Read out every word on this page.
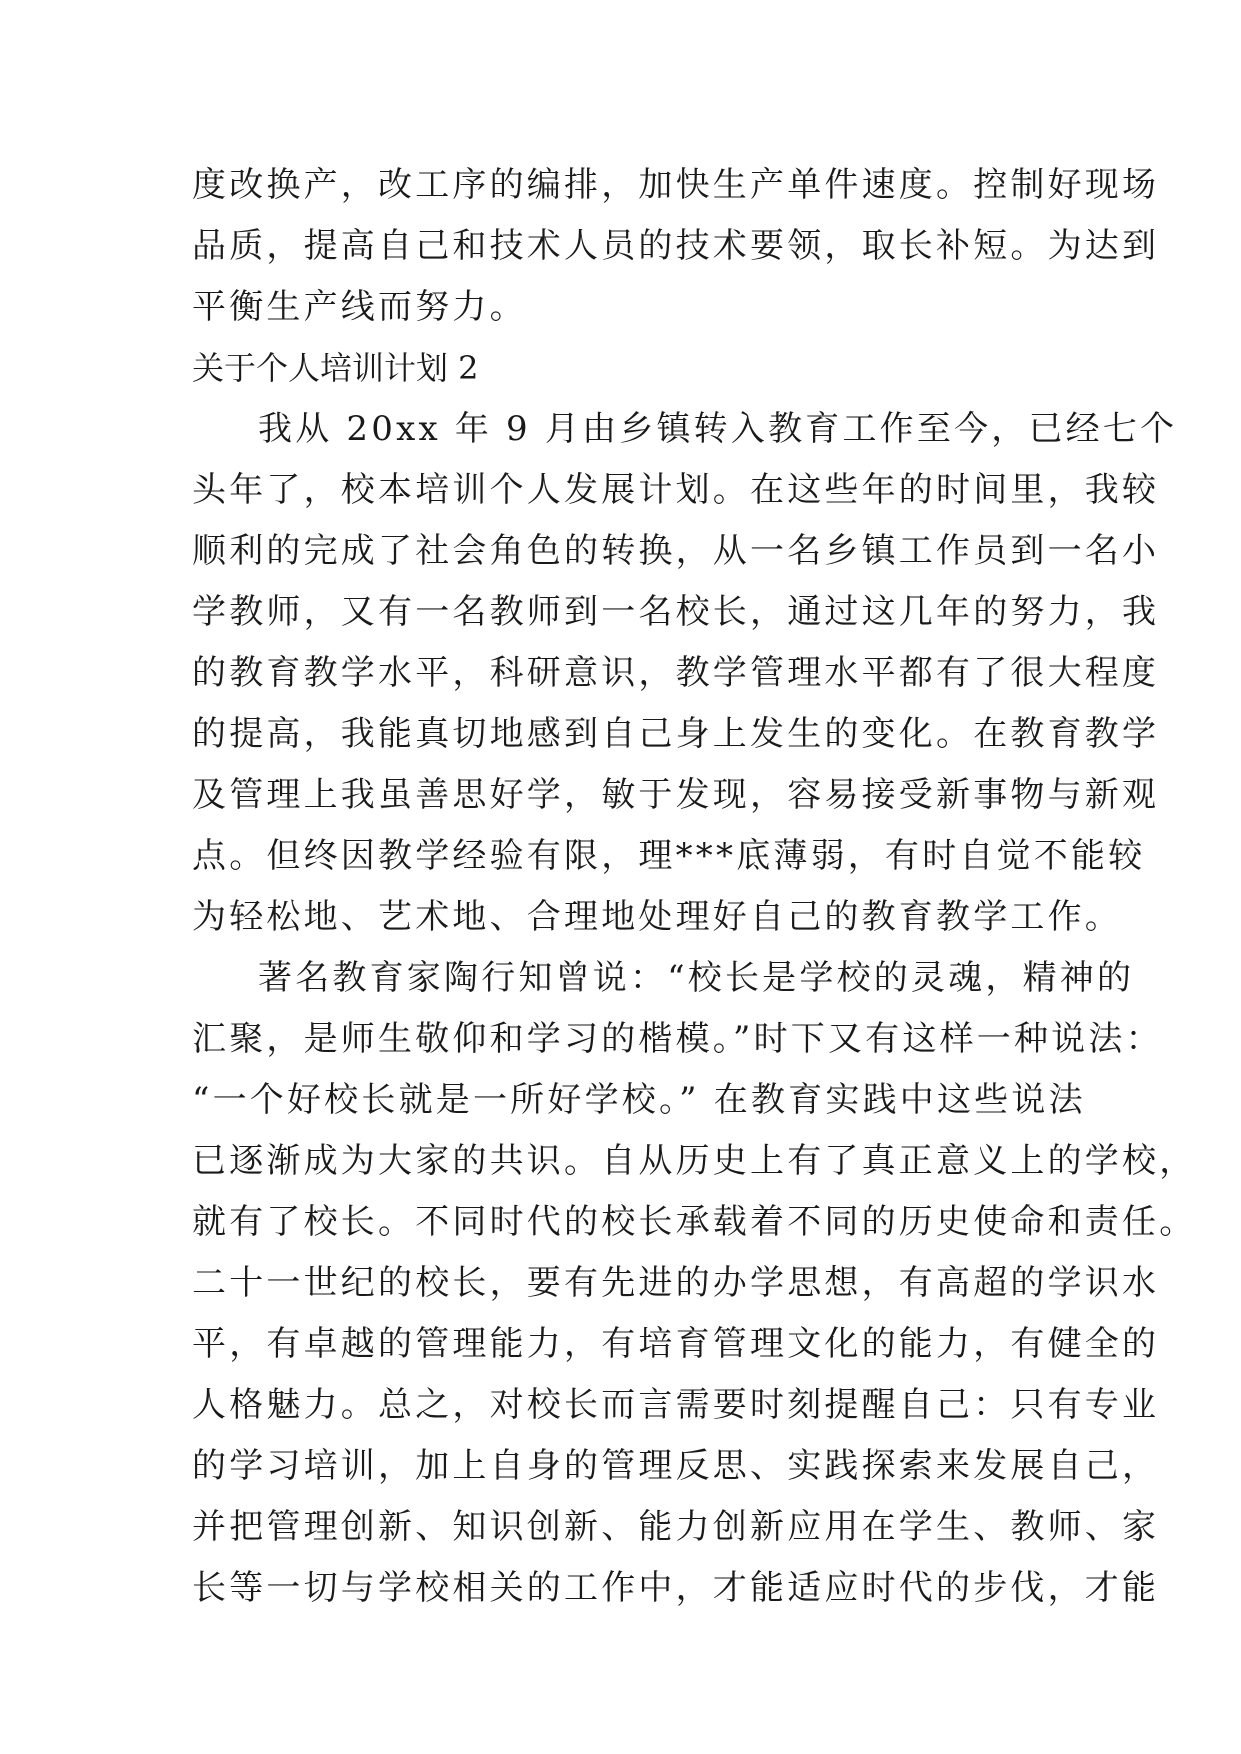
度改换产，改工序的编排，加快生产单件速度。控制好现场
品质，提高自己和技术人员的技术要领，取长补短。为达到
平衡生产线而努力。
关于个人培训计划 2
我从 20xx 年 9 月由乡镇转入教育工作至今，已经七个
头年了，校本培训个人发展计划。在这些年的时间里，我较
顺利的完成了社会角色的转换，从一名乡镇工作员到一名小
学教师，又有一名教师到一名校长，通过这几年的努力，我
的教育教学水平，科研意识，教学管理水平都有了很大程度
的提高，我能真切地感到自己身上发生的变化。在教育教学
及管理上我虽善思好学，敏于发现，容易接受新事物与新观
点。但终因教学经验有限，理***底薄弱，有时自觉不能较
为轻松地、艺术地、合理地处理好自己的教育教学工作。
著名教育家陶行知曾说：“校长是学校的灵魂，精神的
汇聚，是师生敬仰和学习的楷模。”时下又有这样一种说法：
“一个好校长就是一所好学校。” 在教育实践中这些说法
已逐渐成为大家的共识。自从历史上有了真正意义上的学校，
就有了校长。不同时代的校长承载着不同的历史使命和责任。
二十一世纪的校长，要有先进的办学思想，有高超的学识水
平，有卓越的管理能力，有培育管理文化的能力，有健全的
人格魅力。总之，对校长而言需要时刻提醒自己：只有专业
的学习培训，加上自身的管理反思、实践探索来发展自己，
并把管理创新、知识创新、能力创新应用在学生、教师、家
长等一切与学校相关的工作中，才能适应时代的步伐，才能
